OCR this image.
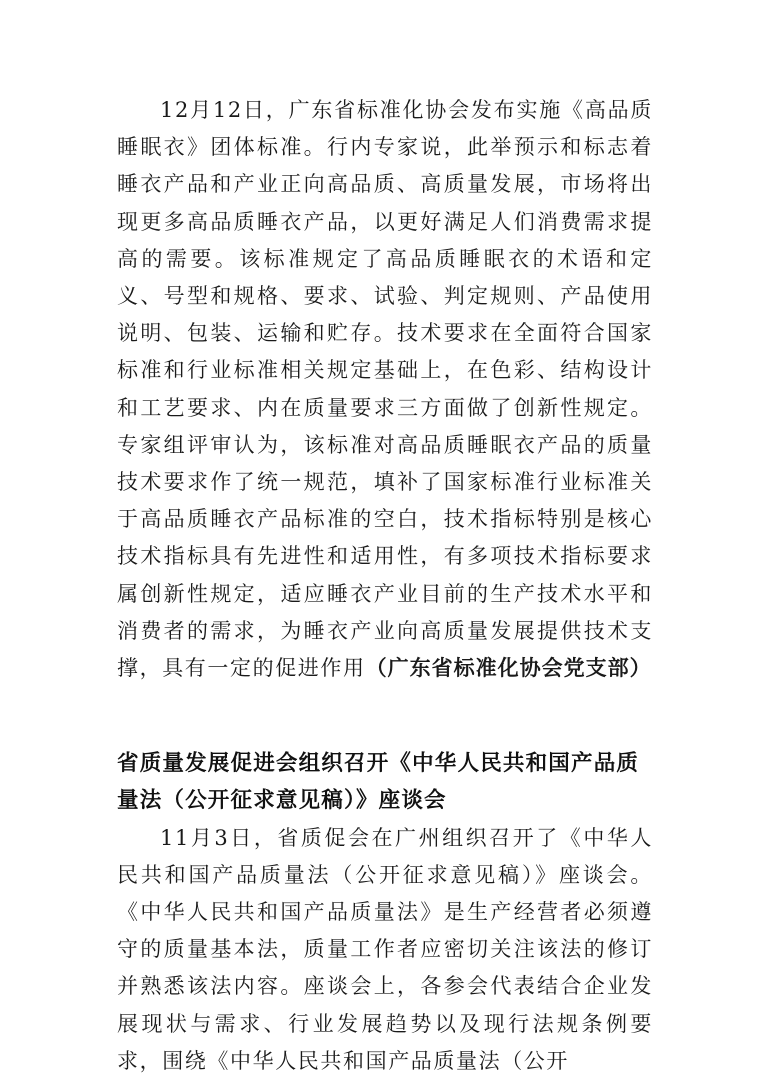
12月12日，广东省标准化协会发布实施《高品质睡眠衣》团体标准。行内专家说，此举预示和标志着睡衣产品和产业正向高品质、高质量发展，市场将出现更多高品质睡衣产品，以更好满足人们消费需求提高的需要。该标准规定了高品质睡眠衣的术语和定义、号型和规格、要求、试验、判定规则、产品使用说明、包装、运输和贮存。技术要求在全面符合国家标准和行业标准相关规定基础上，在色彩、结构设计和工艺要求、内在质量要求三方面做了创新性规定。专家组评审认为，该标准对高品质睡眠衣产品的质量技术要求作了统一规范，填补了国家标准行业标准关于高品质睡衣产品标准的空白，技术指标特别是核心技术指标具有先进性和适用性，有多项技术指标要求属创新性规定，适应睡衣产业目前的生产技术水平和消费者的需求，为睡衣产业向高质量发展提供技术支撑，具有一定的促进作用（广东省标准化协会党支部）

省质量发展促进会组织召开《中华人民共和国产品质量法（公开征求意见稿）》座谈会

11月3日，省质促会在广州组织召开了《中华人民共和国产品质量法（公开征求意见稿）》座谈会。《中华人民共和国产品质量法》是生产经营者必须遵守的质量基本法，质量工作者应密切关注该法的修订并熟悉该法内容。座谈会上，各参会代表结合企业发展现状与需求、行业发展趋势以及现行法规条例要求，围绕《中华人民共和国产品质量法（公开
